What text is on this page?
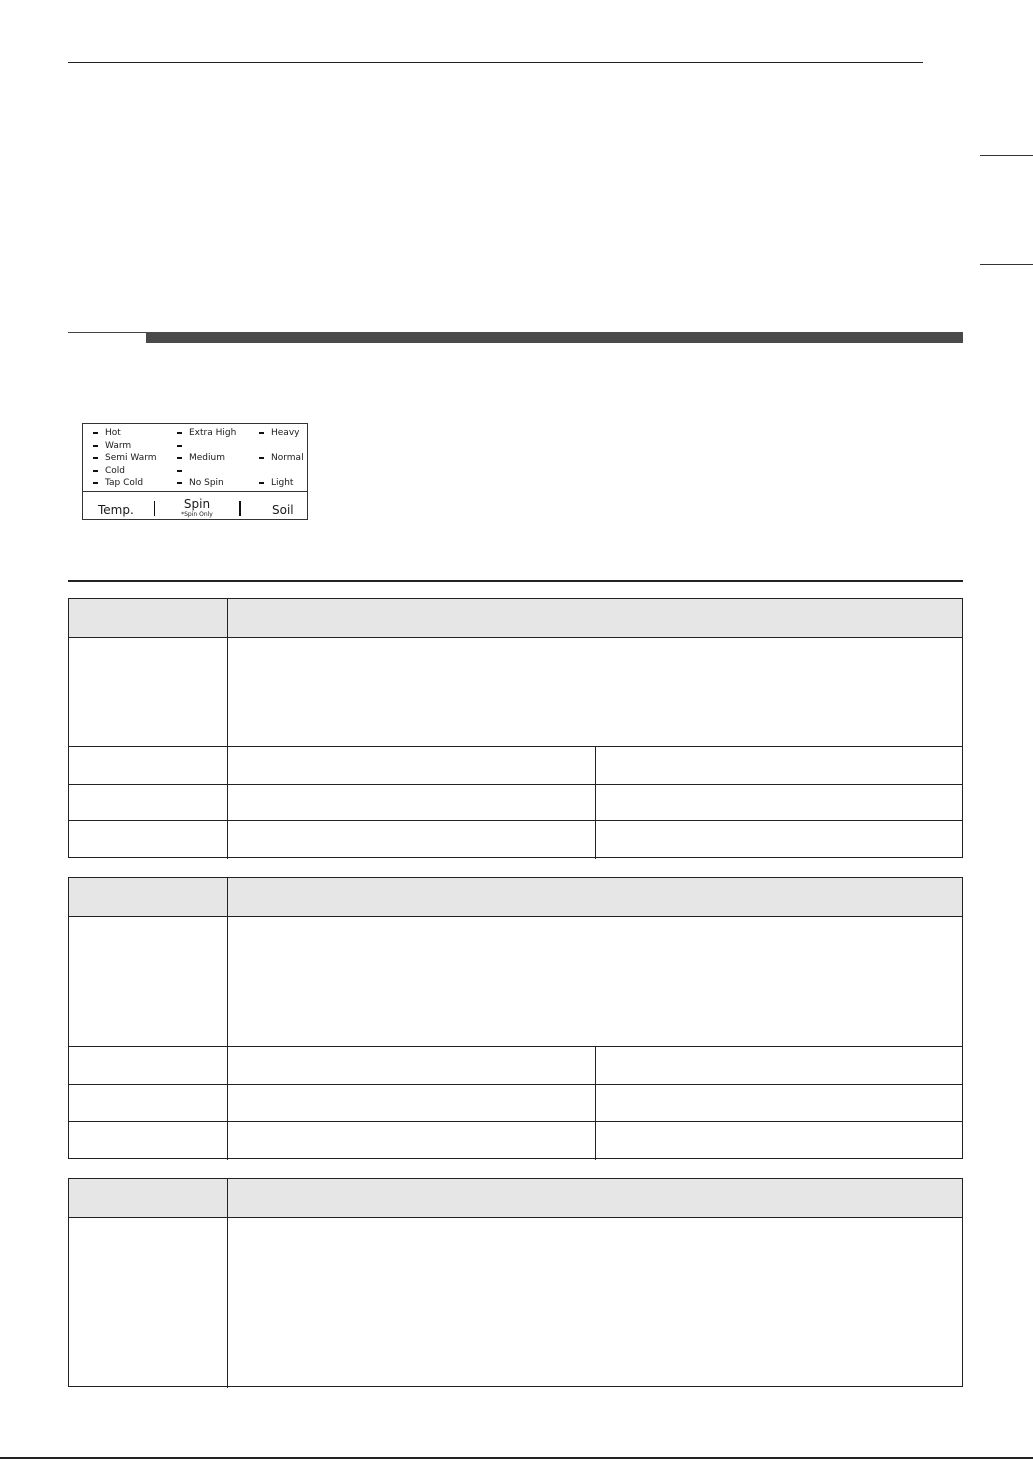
Hot
Warm
Semi Warm
Cold
Tap Cold
Extra High
Medium
No Spin
Heavy
Normal
Light
Temp.	Spin
*Spin Only	Soil
